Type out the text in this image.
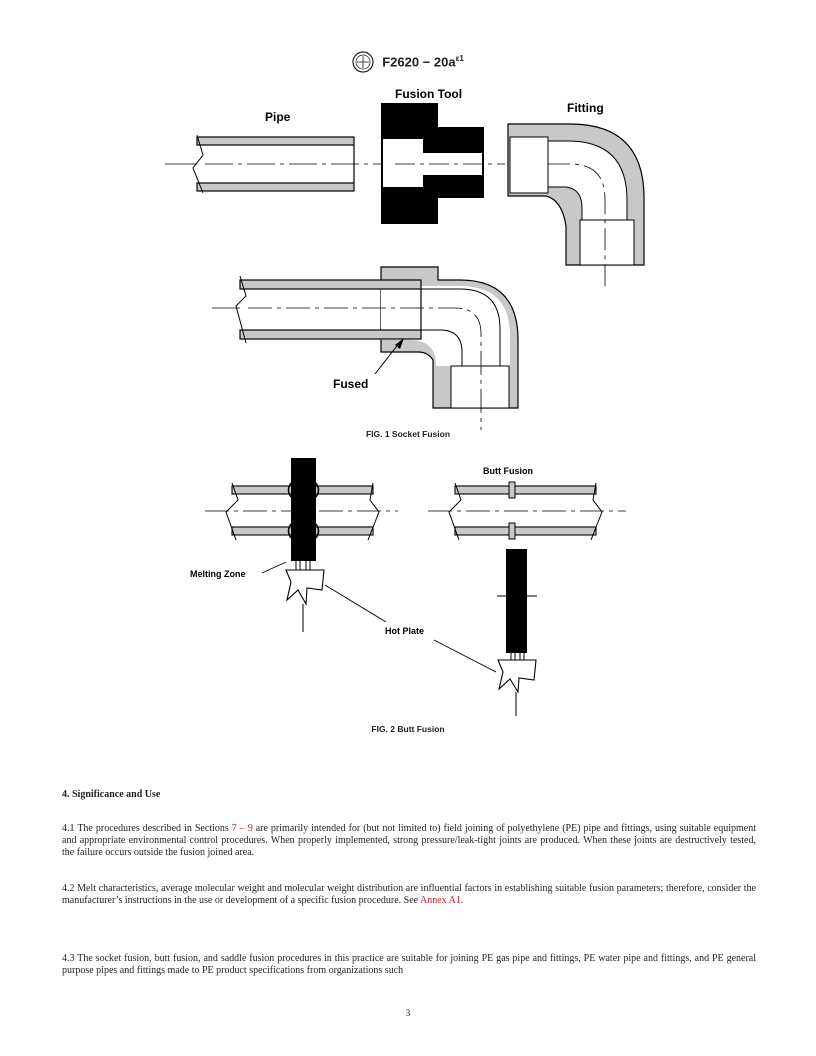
$F2620 - 20a^{\varepsilon 1}$
Pipe
Fusion Tool
Fitting
Fused
FIG. 1 Socket Fusion
Butt Fusion
Melting Zone
Hot Plate
FIG. 2 Butt Fusion
4. Significance and Use

4.1 The procedures described in Sections 7 – 9 are primarily intended for (but not limited to) field joining of polyethylene (PE) pipe and fittings, using suitable equipment and appropriate environmental control procedures. When properly implemented, strong pressure/leak-tight joints are produced. When these joints are destructively tested, the failure occurs outside the fusion joined area.

4.2 Melt characteristics, average molecular weight and molecular weight distribution are influential factors in establishing suitable fusion parameters; therefore, consider the manufacturer’s instructions in the use or development of a specific fusion procedure. See Annex A1.

4.3 The socket fusion, butt fusion, and saddle fusion procedures in this practice are suitable for joining PE gas pipe and fittings, PE water pipe and fittings, and PE general purpose pipes and fittings made to PE product specifications from organizations such

3
